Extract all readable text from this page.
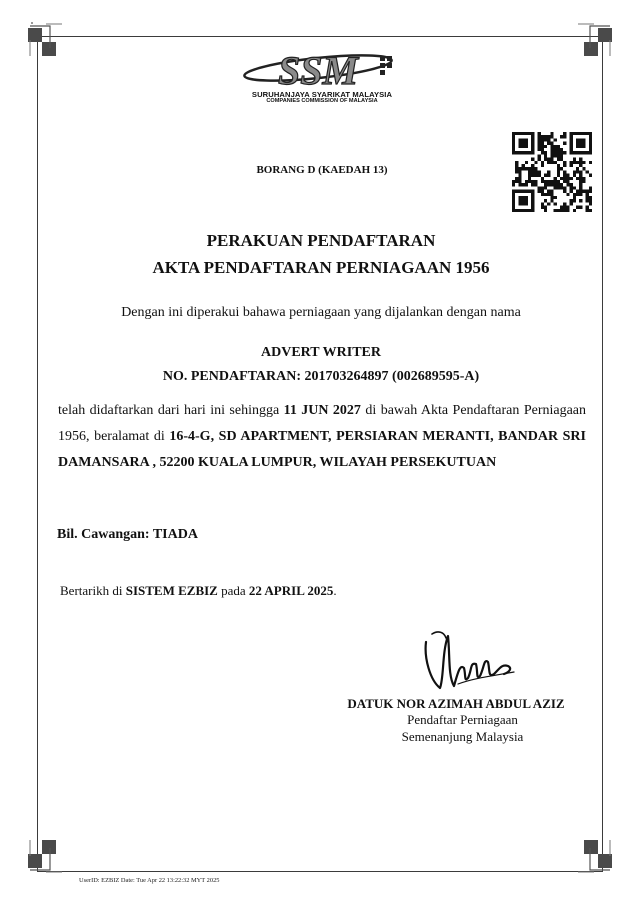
SSM
SURUHANJAYA SYARIKAT MALAYSIA
COMPANIES COMMISSION OF MALAYSIA
BORANG D (KAEDAH 13)
PERAKUAN PENDAFTARAN
AKTA PENDAFTARAN PERNIAGAAN 1956
Dengan ini diperakui bahawa perniagaan yang dijalankan dengan nama
ADVERT WRITER
NO. PENDAFTARAN: 201703264897 (002689595-A)
telah didaftarkan dari hari ini sehingga 11 JUN 2027 di bawah Akta Pendaftaran Perniagaan 1956, beralamat di 16-4-G, SD APARTMENT, PERSIARAN MERANTI, BANDAR SRI DAMANSARA , 52200 KUALA LUMPUR, WILAYAH PERSEKUTUAN
Bil. Cawangan: TIADA
Bertarikh di SISTEM EZBIZ pada 22 APRIL 2025.
DATUK NOR AZIMAH ABDUL AZIZ
Pendaftar Perniagaan
Semenanjung Malaysia
UserID: EZBIZ Date: Tue Apr 22 13:22:32 MYT 2025
